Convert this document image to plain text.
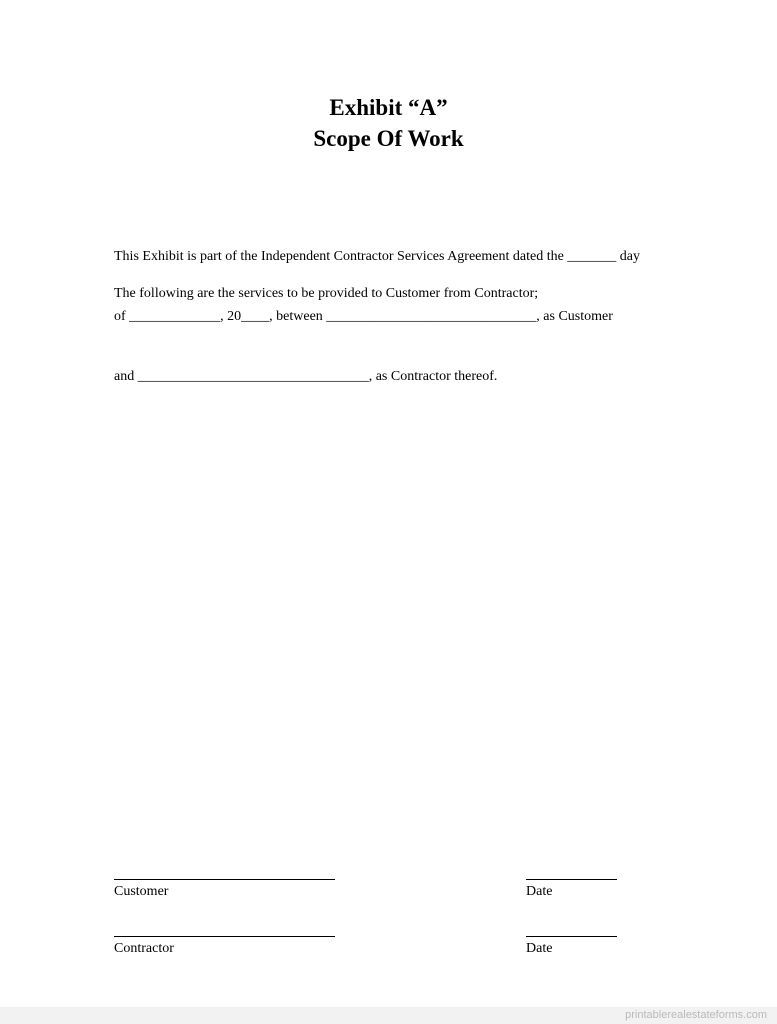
Exhibit “A”
Scope Of Work

This Exhibit is part of the Independent Contractor Services Agreement dated the _______ day

of _____________, 20____, between ______________________________, as Customer

and _________________________________, as Contractor thereof.

The following are the services to be provided to Customer from Contractor;
Customer	Date
Contractor	Date
printablerealestateforms.com
